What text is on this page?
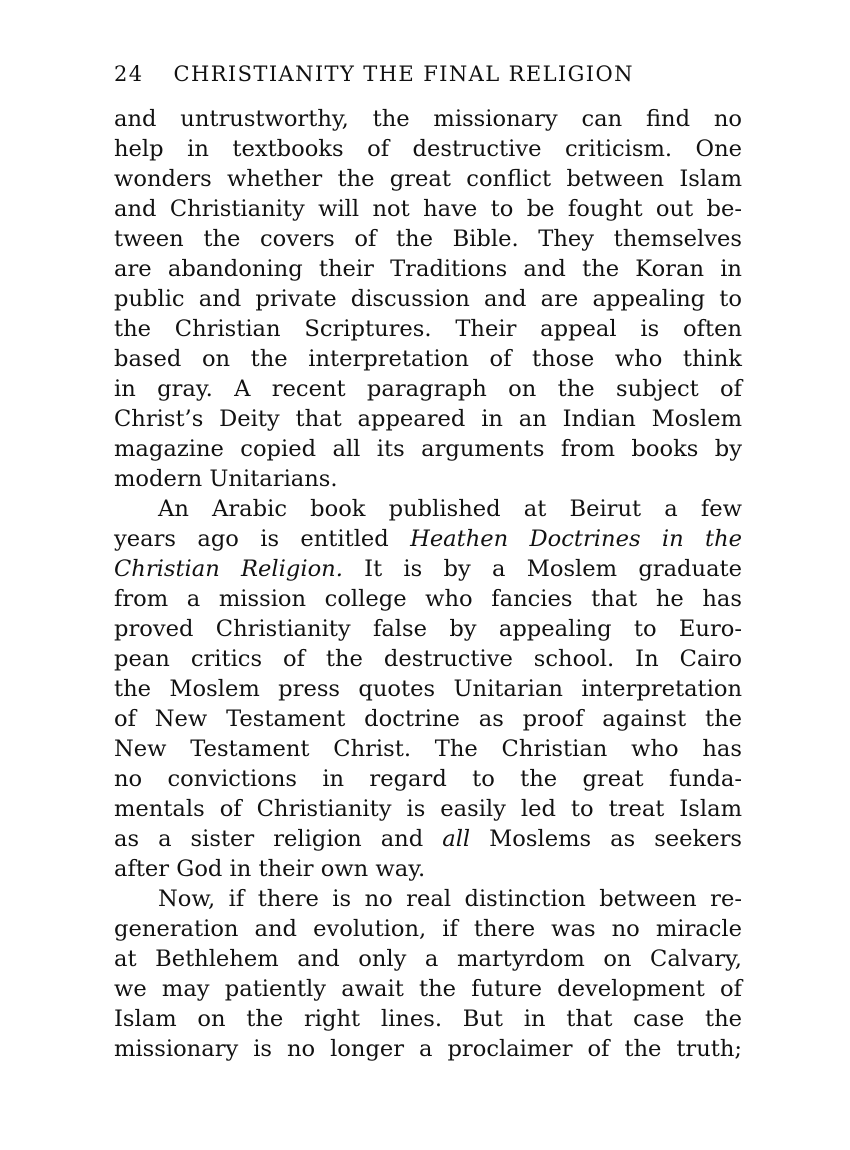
24 CHRISTIANITY THE FINAL RELIGION
and untrustworthy, the missionary can find no
help in textbooks of destructive criticism. One
wonders whether the great conflict between Islam
and Christianity will not have to be fought out be-
tween the covers of the Bible. They themselves
are abandoning their Traditions and the Koran in
public and private discussion and are appealing to
the Christian Scriptures. Their appeal is often
based on the interpretation of those who think
in gray. A recent paragraph on the subject of
Christ’s Deity that appeared in an Indian Moslem
magazine copied all its arguments from books by
modern Unitarians.
An Arabic book published at Beirut a few
years ago is entitled Heathen Doctrines in the
Christian Religion. It is by a Moslem graduate
from a mission college who fancies that he has
proved Christianity false by appealing to Euro-
pean critics of the destructive school. In Cairo
the Moslem press quotes Unitarian interpretation
of New Testament doctrine as proof against the
New Testament Christ. The Christian who has
no convictions in regard to the great funda-
mentals of Christianity is easily led to treat Islam
as a sister religion and all Moslems as seekers
after God in their own way.
Now, if there is no real distinction between re-
generation and evolution, if there was no miracle
at Bethlehem and only a martyrdom on Calvary,
we may patiently await the future development of
Islam on the right lines. But in that case the
missionary is no longer a proclaimer of the truth;
